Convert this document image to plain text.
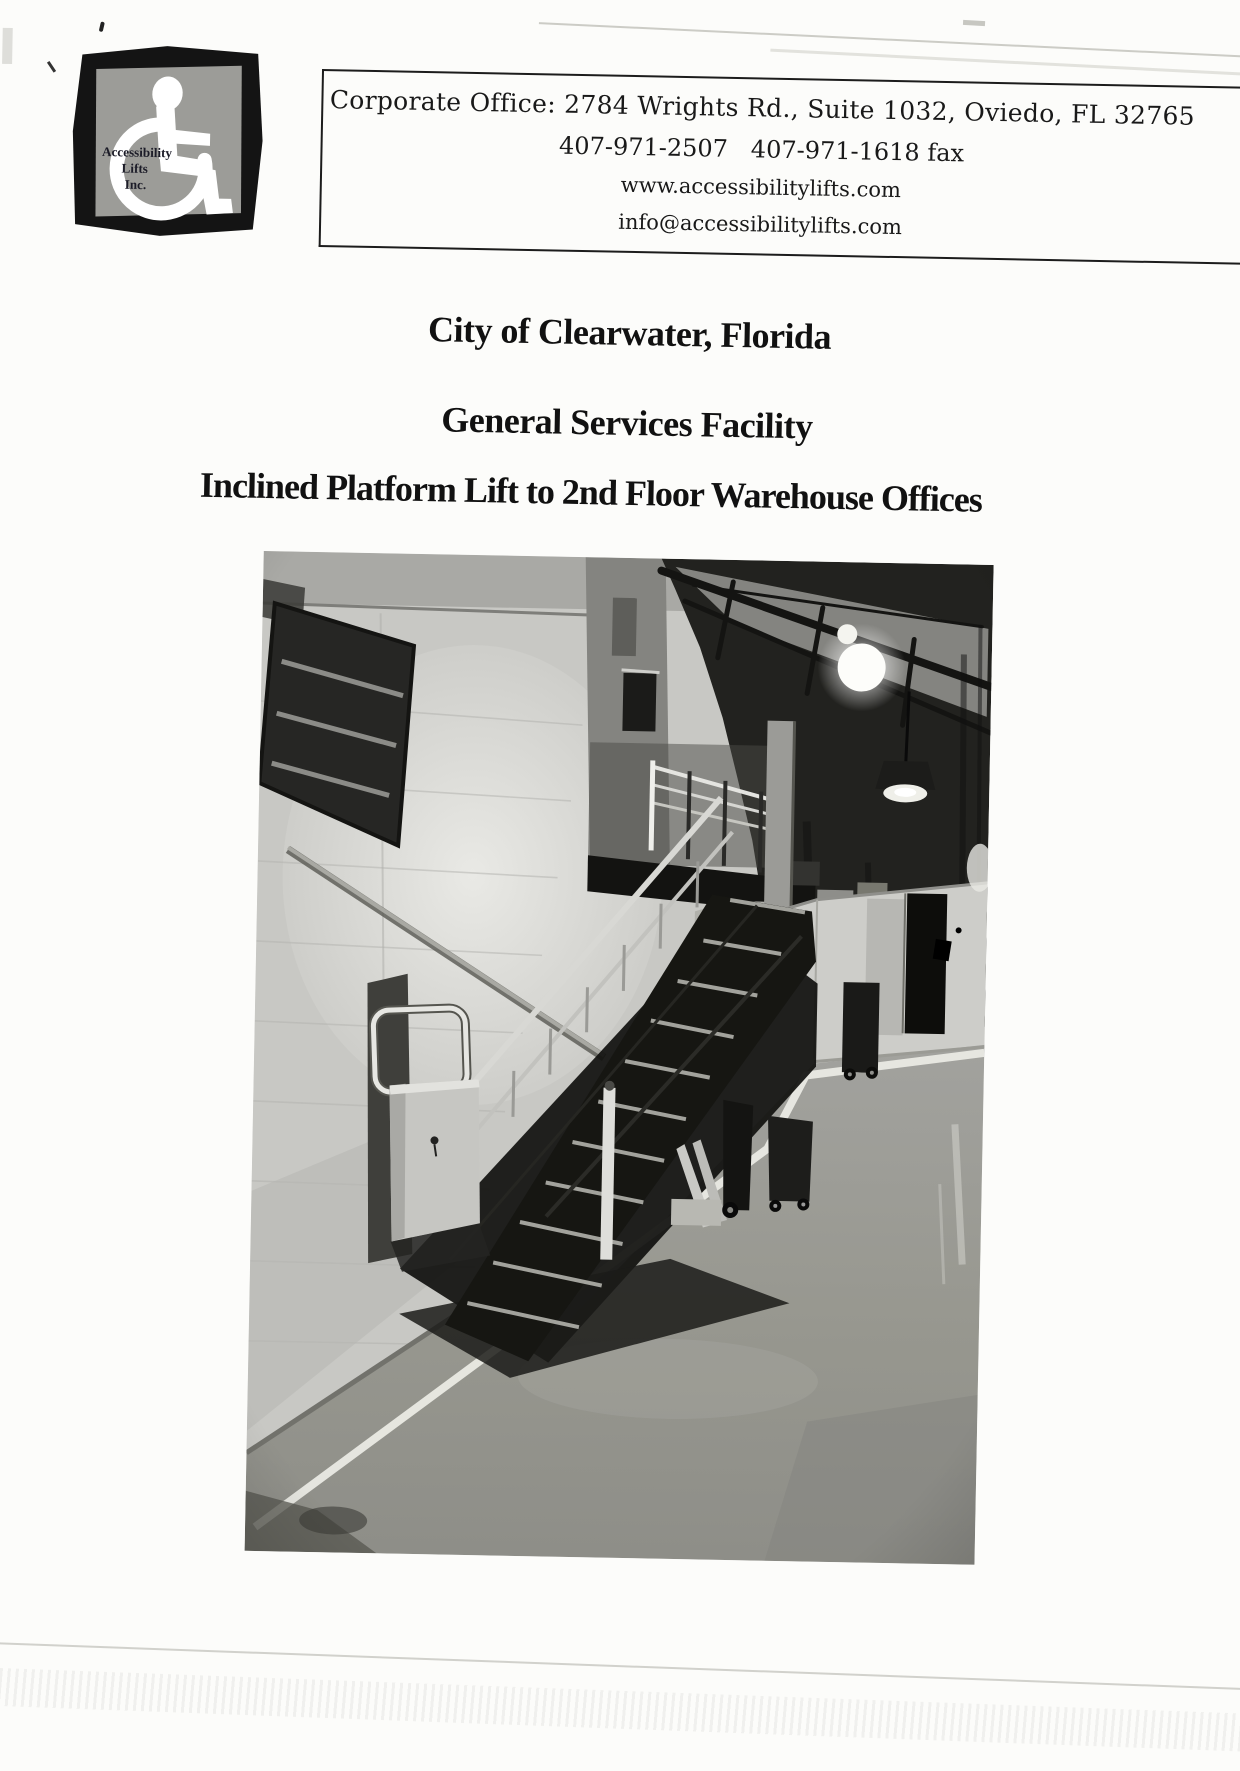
Accessibility
Lifts
Inc.
Corporate Office: 2784 Wrights Rd., Suite 1032, Oviedo, FL 32765
407-971-2507   407-971-1618 fax
www.accessibilitylifts.com
info@accessibilitylifts.com
City of Clearwater, Florida
General Services Facility
Inclined Platform Lift to 2nd Floor Warehouse Offices
